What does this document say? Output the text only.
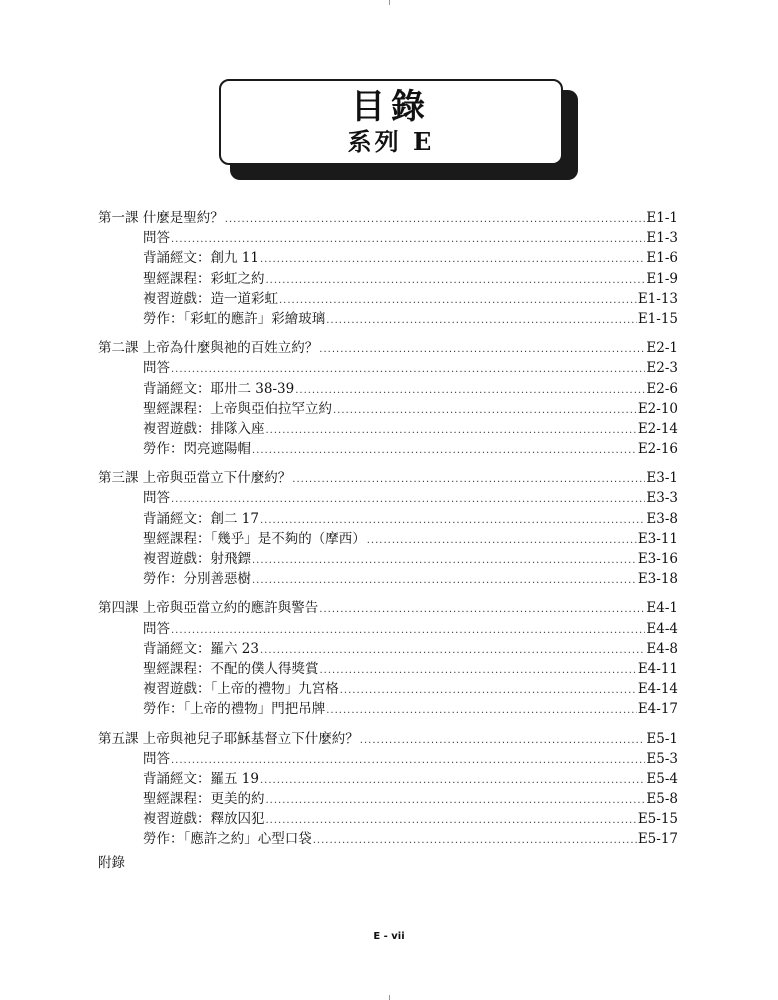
目錄
系列 E
第一課 什麼是聖約？ .....	E1-1
問答 .....	E1-3
背誦經文：創九 11 .....	E1-6
聖經課程：彩虹之約 .....	E1-9
複習遊戲：造一道彩虹 .....	E1-13
勞作：「彩虹的應許」彩繪玻璃 .....	E1-15
第二課 上帝為什麼與祂的百姓立約？ .....	E2-1
問答 .....	E2-3
背誦經文：耶卅二 38-39 .....	E2-6
聖經課程：上帝與亞伯拉罕立約 .....	E2-10
複習遊戲：排隊入座 .....	E2-14
勞作：閃亮遮陽帽 .....	E2-16
第三課 上帝與亞當立下什麼約？ .....	E3-1
問答 .....	E3-3
背誦經文：創二 17 .....	E3-8
聖經課程：「幾乎」是不夠的（摩西） .....	E3-11
複習遊戲：射飛鏢 .....	E3-16
勞作：分別善惡樹 .....	E3-18
第四課 上帝與亞當立約的應許與警告 .....	E4-1
問答 .....	E4-4
背誦經文：羅六 23 .....	E4-8
聖經課程：不配的僕人得獎賞 .....	E4-11
複習遊戲：「上帝的禮物」九宮格 .....	E4-14
勞作：「上帝的禮物」門把吊牌 .....	E4-17
第五課 上帝與祂兒子耶穌基督立下什麼約？ .....	E5-1
問答 .....	E5-3
背誦經文：羅五 19 .....	E5-4
聖經課程：更美的約 .....	E5-8
複習遊戲：釋放囚犯 .....	E5-15
勞作：「應許之約」心型口袋 .....	E5-17
附錄
E - vii
